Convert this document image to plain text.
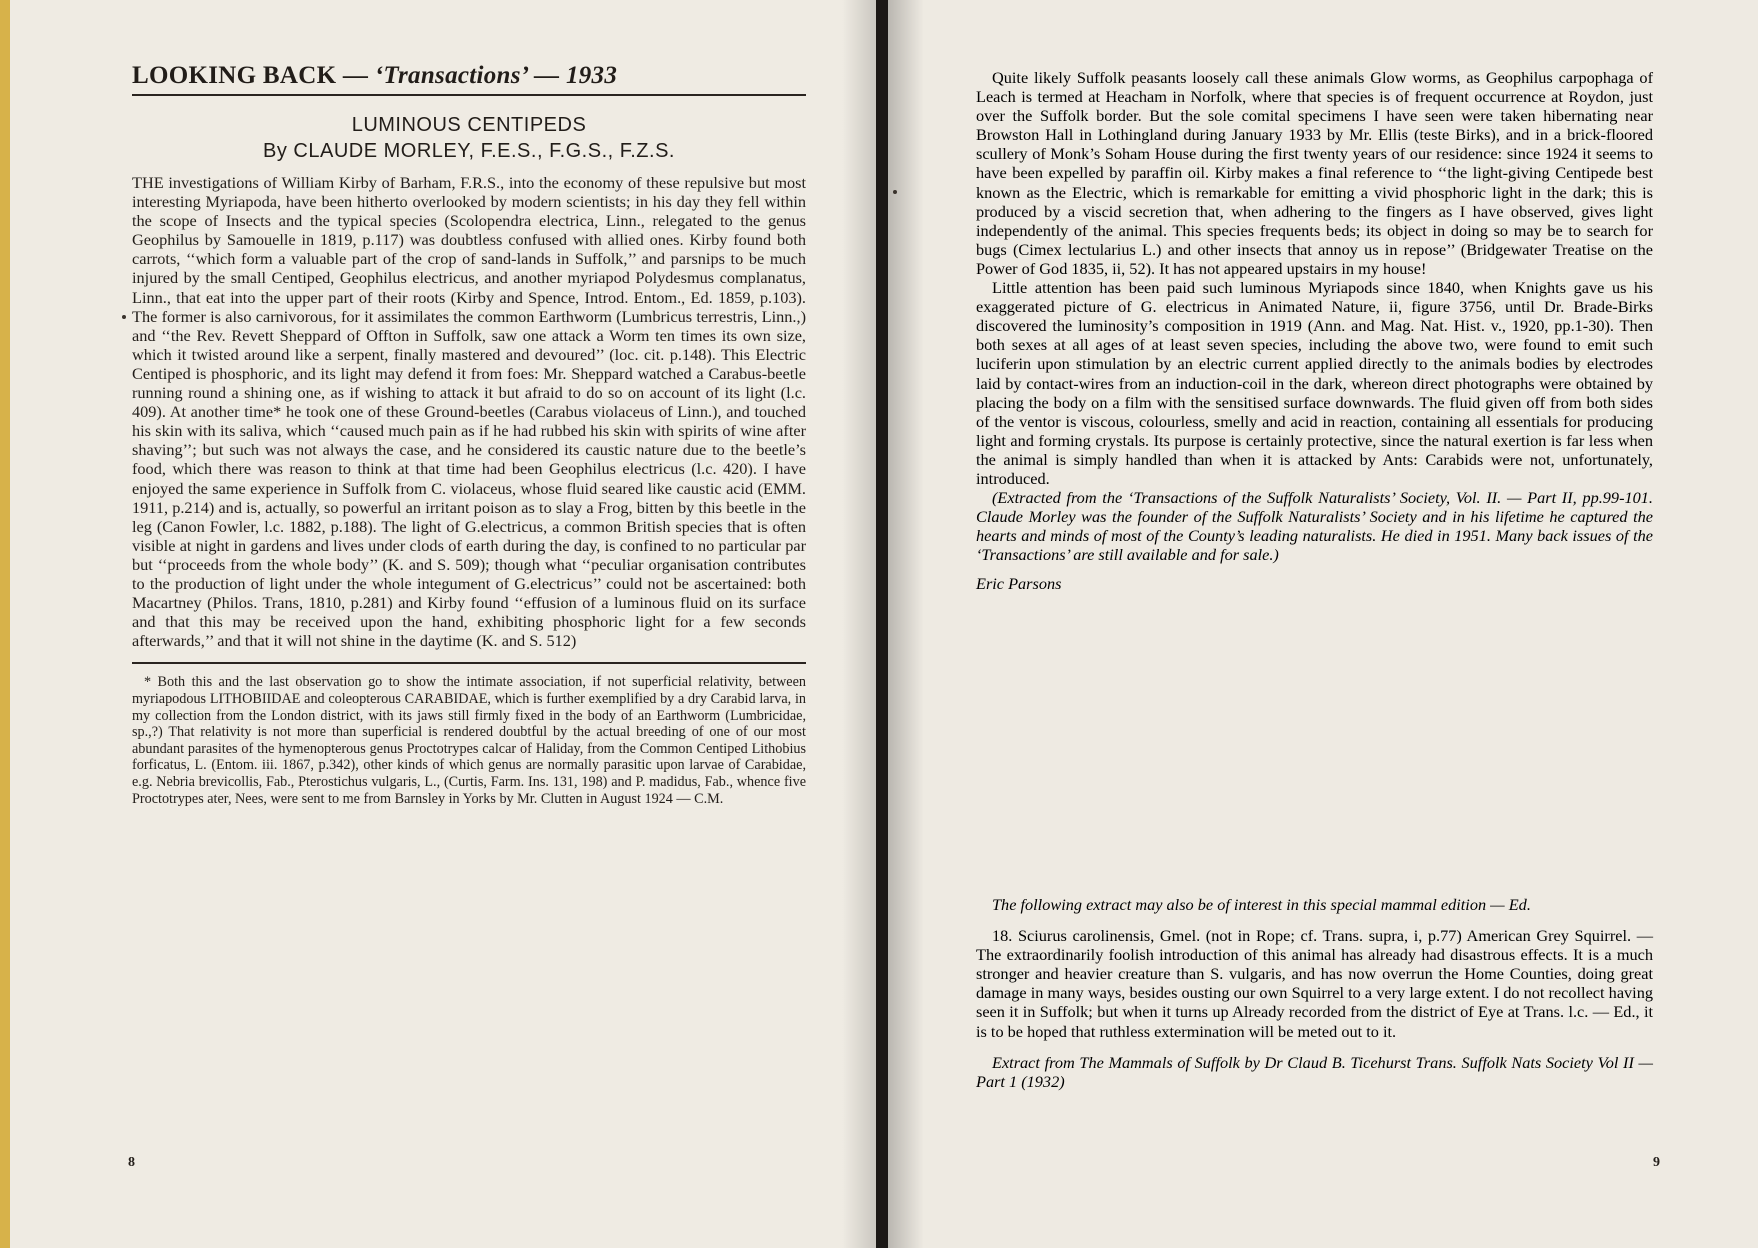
LOOKING BACK — ‘Transactions’ — 1933
LUMINOUS CENTIPEDS
By CLAUDE MORLEY, F.E.S., F.G.S., F.Z.S.
THE investigations of William Kirby of Barham, F.R.S., into the economy of these repulsive but most interesting Myriapoda, have been hitherto overlooked by modern scientists; in his day they fell within the scope of Insects and the typical species (Scolopendra electrica, Linn., relegated to the genus Geophilus by Samouelle in 1819, p.117) was doubtless confused with allied ones. Kirby found both carrots, ‘‘which form a valuable part of the crop of sand-lands in Suffolk,’’ and parsnips to be much injured by the small Centiped, Geophilus electricus, and another myriapod Polydesmus complanatus, Linn., that eat into the upper part of their roots (Kirby and Spence, Introd. Entom., Ed. 1859, p.103). The former is also carnivorous, for it assimilates the common Earthworm (Lumbricus terrestris, Linn.,) and ‘‘the Rev. Revett Sheppard of Offton in Suffolk, saw one attack a Worm ten times its own size, which it twisted around like a serpent, finally mastered and devoured’’ (loc. cit. p.148). This Electric Centiped is phosphoric, and its light may defend it from foes: Mr. Sheppard watched a Carabus-beetle running round a shining one, as if wishing to attack it but afraid to do so on account of its light (l.c. 409). At another time* he took one of these Ground-beetles (Carabus violaceus of Linn.), and touched his skin with its saliva, which ‘‘caused much pain as if he had rubbed his skin with spirits of wine after shaving’’; but such was not always the case, and he considered its caustic nature due to the beetle’s food, which there was reason to think at that time had been Geophilus electricus (l.c. 420). I have enjoyed the same experience in Suffolk from C. violaceus, whose fluid seared like caustic acid (EMM. 1911, p.214) and is, actually, so powerful an irritant poison as to slay a Frog, bitten by this beetle in the leg (Canon Fowler, l.c. 1882, p.188). The light of G.electricus, a common British species that is often visible at night in gardens and lives under clods of earth during the day, is confined to no particular par but ‘‘proceeds from the whole body’’ (K. and S. 509); though what ‘‘peculiar organisation contributes to the production of light under the whole integument of G.electricus’’ could not be ascertained: both Macartney (Philos. Trans, 1810, p.281) and Kirby found ‘‘effusion of a luminous fluid on its surface and that this may be received upon the hand, exhibiting phosphoric light for a few seconds afterwards,’’ and that it will not shine in the daytime (K. and S. 512)
* Both this and the last observation go to show the intimate association, if not superficial relativity, between myriapodous LITHOBIIDAE and coleopterous CARABIDAE, which is further exemplified by a dry Carabid larva, in my collection from the London district, with its jaws still firmly fixed in the body of an Earthworm (Lumbricidae, sp.,?) That relativity is not more than superficial is rendered doubtful by the actual breeding of one of our most abundant parasites of the hymenopterous genus Proctotrypes calcar of Haliday, from the Common Centiped Lithobius forficatus, L. (Entom. iii. 1867, p.342), other kinds of which genus are normally parasitic upon larvae of Carabidae, e.g. Nebria brevicollis, Fab., Pterostichus vulgaris, L., (Curtis, Farm. Ins. 131, 198) and P. madidus, Fab., whence five Proctotrypes ater, Nees, were sent to me from Barnsley in Yorks by Mr. Clutten in August 1924 — C.M.
8	9

Quite likely Suffolk peasants loosely call these animals Glow worms, as Geophilus carpophaga of Leach is termed at Heacham in Norfolk, where that species is of frequent occurrence at Roydon, just over the Suffolk border. But the sole comital specimens I have seen were taken hibernating near Browston Hall in Lothingland during January 1933 by Mr. Ellis (teste Birks), and in a brick-floored scullery of Monk’s Soham House during the first twenty years of our residence: since 1924 it seems to have been expelled by paraffin oil. Kirby makes a final reference to ‘‘the light-giving Centipede best known as the Electric, which is remarkable for emitting a vivid phosphoric light in the dark; this is produced by a viscid secretion that, when adhering to the fingers as I have observed, gives light independently of the animal. This species frequents beds; its object in doing so may be to search for bugs (Cimex lectularius L.) and other insects that annoy us in repose’’ (Bridgewater Treatise on the Power of God 1835, ii, 52). It has not appeared upstairs in my house!

Little attention has been paid such luminous Myriapods since 1840, when Knights gave us his exaggerated picture of G. electricus in Animated Nature, ii, figure 3756, until Dr. Brade-Birks discovered the luminosity’s composition in 1919 (Ann. and Mag. Nat. Hist. v., 1920, pp.1-30). Then both sexes at all ages of at least seven species, including the above two, were found to emit such luciferin upon stimulation by an electric current applied directly to the animals bodies by electrodes laid by contact-wires from an induction-coil in the dark, whereon direct photographs were obtained by placing the body on a film with the sensitised surface downwards. The fluid given off from both sides of the ventor is viscous, colourless, smelly and acid in reaction, containing all essentials for producing light and forming crystals. Its purpose is certainly protective, since the natural exertion is far less when the animal is simply handled than when it is attacked by Ants: Carabids were not, unfortunately, introduced.

(Extracted from the ‘Transactions of the Suffolk Naturalists’ Society, Vol. II. — Part II, pp.99-101. Claude Morley was the founder of the Suffolk Naturalists’ Society and in his lifetime he captured the hearts and minds of most of the County’s leading naturalists. He died in 1951. Many back issues of the ‘Transactions’ are still available and for sale.)

Eric Parsons

The following extract may also be of interest in this special mammal edition — Ed.

18. Sciurus carolinensis, Gmel. (not in Rope; cf. Trans. supra, i, p.77) American Grey Squirrel. — The extraordinarily foolish introduction of this animal has already had disastrous effects. It is a much stronger and heavier creature than S. vulgaris, and has now overrun the Home Counties, doing great damage in many ways, besides ousting our own Squirrel to a very large extent. I do not recollect having seen it in Suffolk; but when it turns up Already recorded from the district of Eye at Trans. l.c. — Ed., it is to be hoped that ruthless extermination will be meted out to it.

Extract from The Mammals of Suffolk by Dr Claud B. Ticehurst Trans. Suffolk Nats Society Vol II — Part 1 (1932)
